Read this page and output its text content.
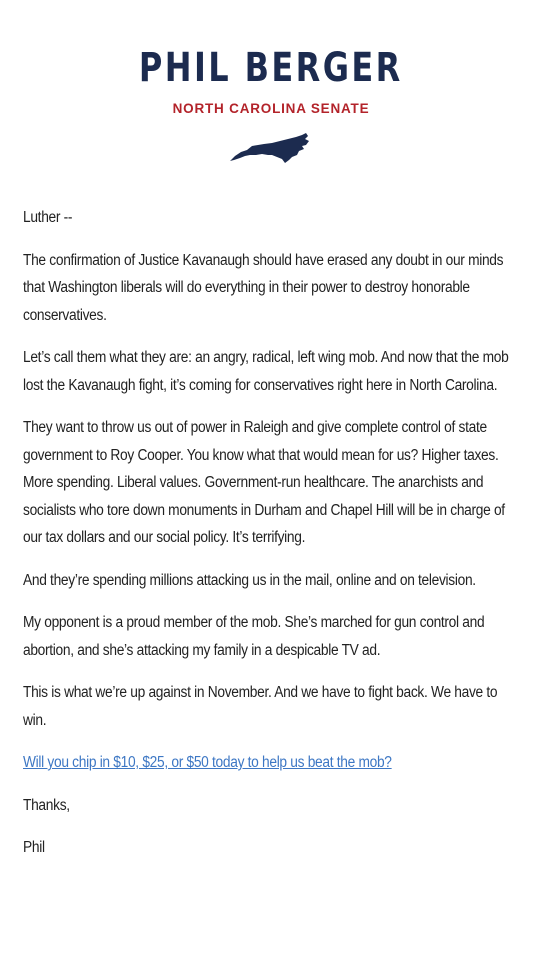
PHIL BERGER
NORTH CAROLINA SENATE

Luther --

The confirmation of Justice Kavanaugh should have erased any doubt in our minds that Washington liberals will do everything in their power to destroy honorable conservatives.

Let’s call them what they are: an angry, radical, left wing mob. And now that the mob lost the Kavanaugh fight, it’s coming for conservatives right here in North Carolina.

They want to throw us out of power in Raleigh and give complete control of state government to Roy Cooper. You know what that would mean for us? Higher taxes. More spending. Liberal values. Government-run healthcare. The anarchists and socialists who tore down monuments in Durham and Chapel Hill will be in charge of our tax dollars and our social policy. It’s terrifying.

And they’re spending millions attacking us in the mail, online and on television.

My opponent is a proud member of the mob. She’s marched for gun control and abortion, and she’s attacking my family in a despicable TV ad.

This is what we’re up against in November. And we have to fight back. We have to win.

Will you chip in $10, $25, or $50 today to help us beat the mob?

Thanks,

Phil
